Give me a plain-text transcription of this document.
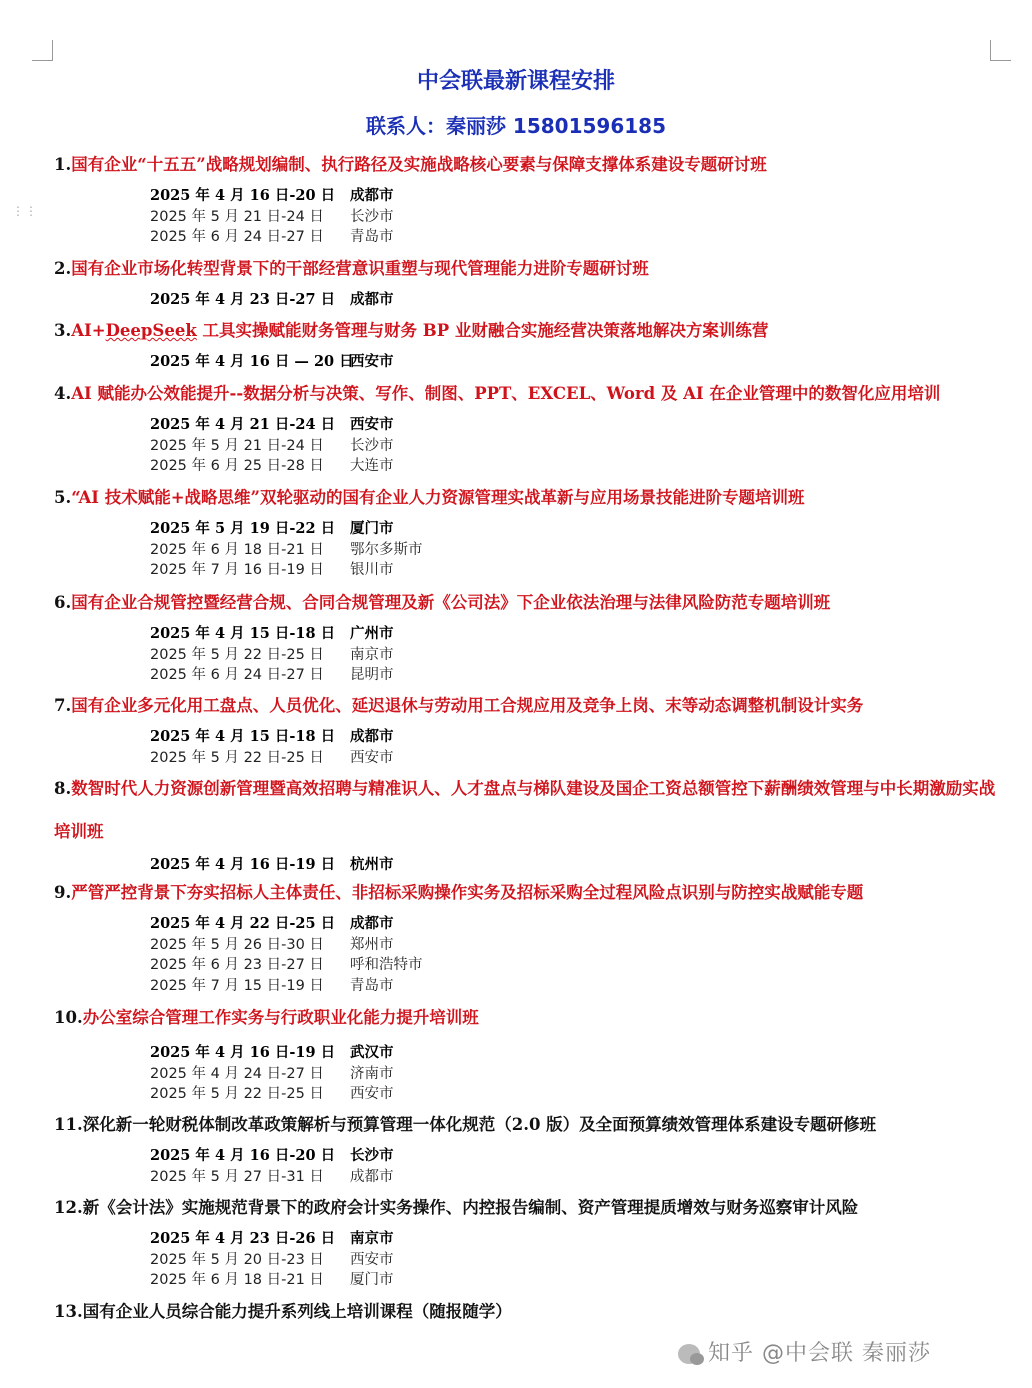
⋮⋮
中会联最新课程安排
联系人：秦丽莎 15801596185
1.国有企业“十五五”战略规划编制、执行路径及实施战略核心要素与保障支撑体系建设专题研讨班
2025 年 4 月 16 日-20 日 成都市
2025 年 5 月 21 日-24 日 长沙市
2025 年 6 月 24 日-27 日 青岛市
2.国有企业市场化转型背景下的干部经营意识重塑与现代管理能力进阶专题研讨班
2025 年 4 月 23 日-27 日 成都市
3.AI+DeepSeek 工具实操赋能财务管理与财务 BP 业财融合实施经营决策落地解决方案训练营
2025 年 4 月 16 日 — 20 日西安市
4.AI 赋能办公效能提升--数据分析与决策、写作、制图、PPT、EXCEL、Word 及 AI 在企业管理中的数智化应用培训
2025 年 4 月 21 日-24 日 西安市
2025 年 5 月 21 日-24 日 长沙市
2025 年 6 月 25 日-28 日 大连市
5.“AI 技术赋能+战略思维”双轮驱动的国有企业人力资源管理实战革新与应用场景技能进阶专题培训班
2025 年 5 月 19 日-22 日 厦门市
2025 年 6 月 18 日-21 日 鄂尔多斯市
2025 年 7 月 16 日-19 日 银川市
6.国有企业合规管控暨经营合规、合同合规管理及新《公司法》下企业依法治理与法律风险防范专题培训班
2025 年 4 月 15 日-18 日 广州市
2025 年 5 月 22 日-25 日 南京市
2025 年 6 月 24 日-27 日 昆明市
7.国有企业多元化用工盘点、人员优化、延迟退休与劳动用工合规应用及竞争上岗、末等动态调整机制设计实务
2025 年 4 月 15 日-18 日 成都市
2025 年 5 月 22 日-25 日 西安市
8.数智时代人力资源创新管理暨高效招聘与精准识人、人才盘点与梯队建设及国企工资总额管控下薪酬绩效管理与中长期激励实战培训班
2025 年 4 月 16 日-19 日 杭州市
9.严管严控背景下夯实招标人主体责任、非招标采购操作实务及招标采购全过程风险点识别与防控实战赋能专题
2025 年 4 月 22 日-25 日 成都市
2025 年 5 月 26 日-30 日 郑州市
2025 年 6 月 23 日-27 日 呼和浩特市
2025 年 7 月 15 日-19 日 青岛市
10.办公室综合管理工作实务与行政职业化能力提升培训班
2025 年 4 月 16 日-19 日 武汉市
2025 年 4 月 24 日-27 日 济南市
2025 年 5 月 22 日-25 日 西安市
11.深化新一轮财税体制改革政策解析与预算管理一体化规范（2.0 版）及全面预算绩效管理体系建设专题研修班
2025 年 4 月 16 日-20 日 长沙市
2025 年 5 月 27 日-31 日 成都市
12.新《会计法》实施规范背景下的政府会计实务操作、内控报告编制、资产管理提质增效与财务巡察审计风险
2025 年 4 月 23 日-26 日 南京市
2025 年 5 月 20 日-23 日 西安市
2025 年 6 月 18 日-21 日 厦门市
13.国有企业人员综合能力提升系列线上培训课程（随报随学）
知乎 @中会联 秦丽莎
